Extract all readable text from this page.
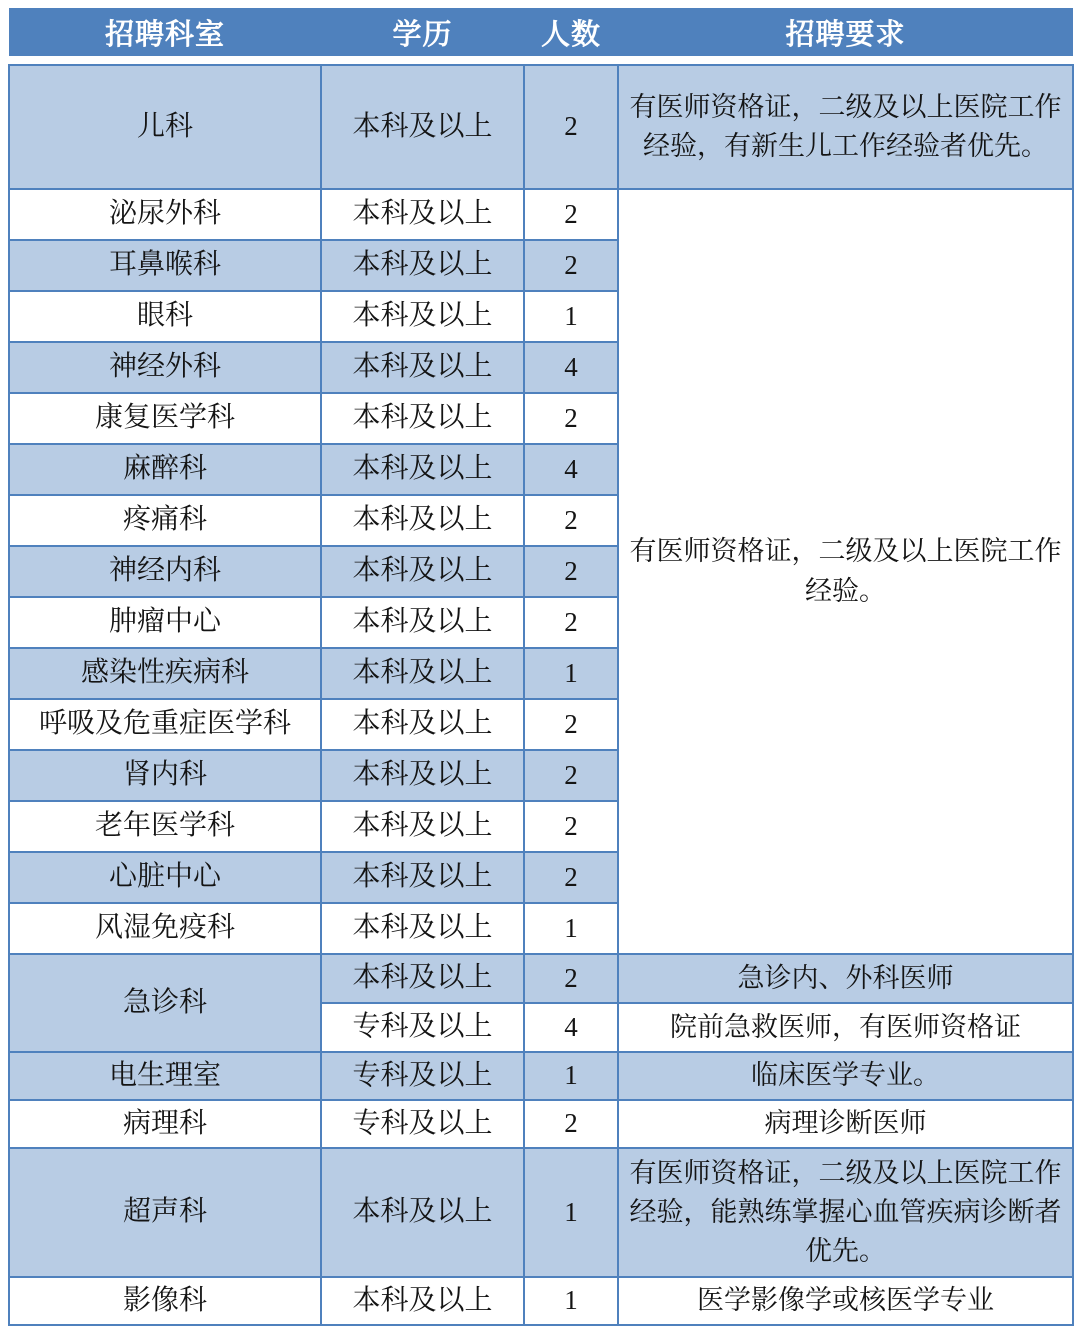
招聘科室	学历	人数	招聘要求

儿科	本科及以上	2	有医师资格证，二级及以上医院工作经验，有新生儿工作经验者优先。
泌尿外科	本科及以上	2	有医师资格证，二级及以上医院工作经验。
耳鼻喉科	本科及以上	2	
眼科	本科及以上	1	
神经外科	本科及以上	4	
康复医学科	本科及以上	2	
麻醉科	本科及以上	4	
疼痛科	本科及以上	2	
神经内科	本科及以上	2	
肿瘤中心	本科及以上	2	
感染性疾病科	本科及以上	1	
呼吸及危重症医学科	本科及以上	2	
肾内科	本科及以上	2	
老年医学科	本科及以上	2	
心脏中心	本科及以上	2	
风湿免疫科	本科及以上	1	
急诊科	本科及以上	2	急诊内、外科医师
	专科及以上	4	院前急救医师，有医师资格证
电生理室	专科及以上	1	临床医学专业。
病理科	专科及以上	2	病理诊断医师
超声科	本科及以上	1	有医师资格证，二级及以上医院工作经验，能熟练掌握心血管疾病诊断者优先。
影像科	本科及以上	1	医学影像学或核医学专业
